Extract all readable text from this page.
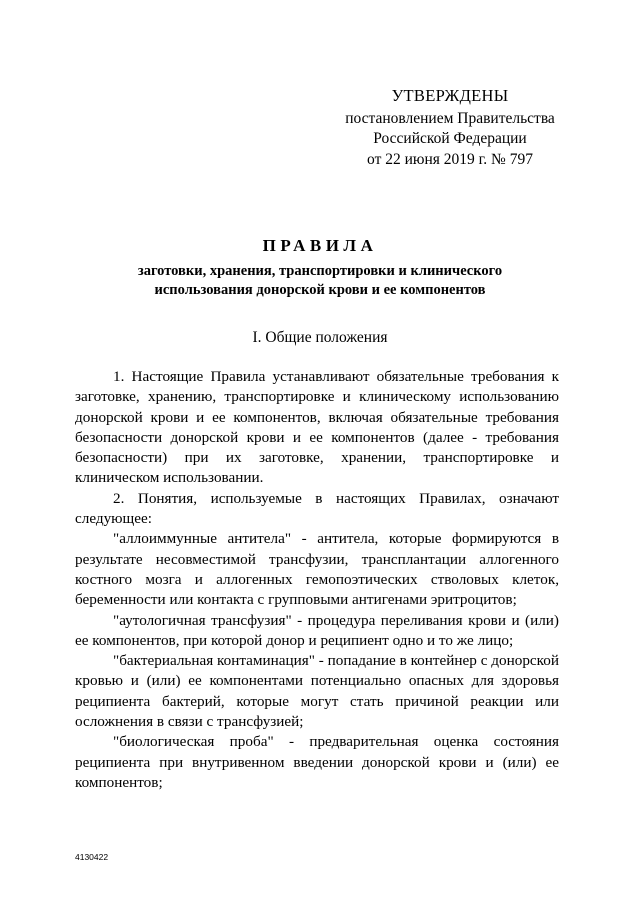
УТВЕРЖДЕНЫ
постановлением Правительства
Российской Федерации
от 22 июня 2019 г. № 797
ПРАВИЛА
заготовки, хранения, транспортировки и клинического
использования донорской крови и ее компонентов
I. Общие положения

1. Настоящие Правила устанавливают обязательные требования к заготовке, хранению, транспортировке и клиническому использованию донорской крови и ее компонентов, включая обязательные требования безопасности донорской крови и ее компонентов (далее - требования безопасности) при их заготовке, хранении, транспортировке и клиническом использовании.

2. Понятия, используемые в настоящих Правилах, означают следующее:

"аллоиммунные антитела" - антитела, которые формируются в результате несовместимой трансфузии, трансплантации аллогенного костного мозга и аллогенных гемопоэтических стволовых клеток, беременности или контакта с групповыми антигенами эритроцитов;

"аутологичная трансфузия" - процедура переливания крови и (или) ее компонентов, при которой донор и реципиент одно и то же лицо;

"бактериальная контаминация" - попадание в контейнер с донорской кровью и (или) ее компонентами потенциально опасных для здоровья реципиента бактерий, которые могут стать причиной реакции или осложнения в связи с трансфузией;

"биологическая проба" - предварительная оценка состояния реципиента при внутривенном введении донорской крови и (или) ее компонентов;

4130422
